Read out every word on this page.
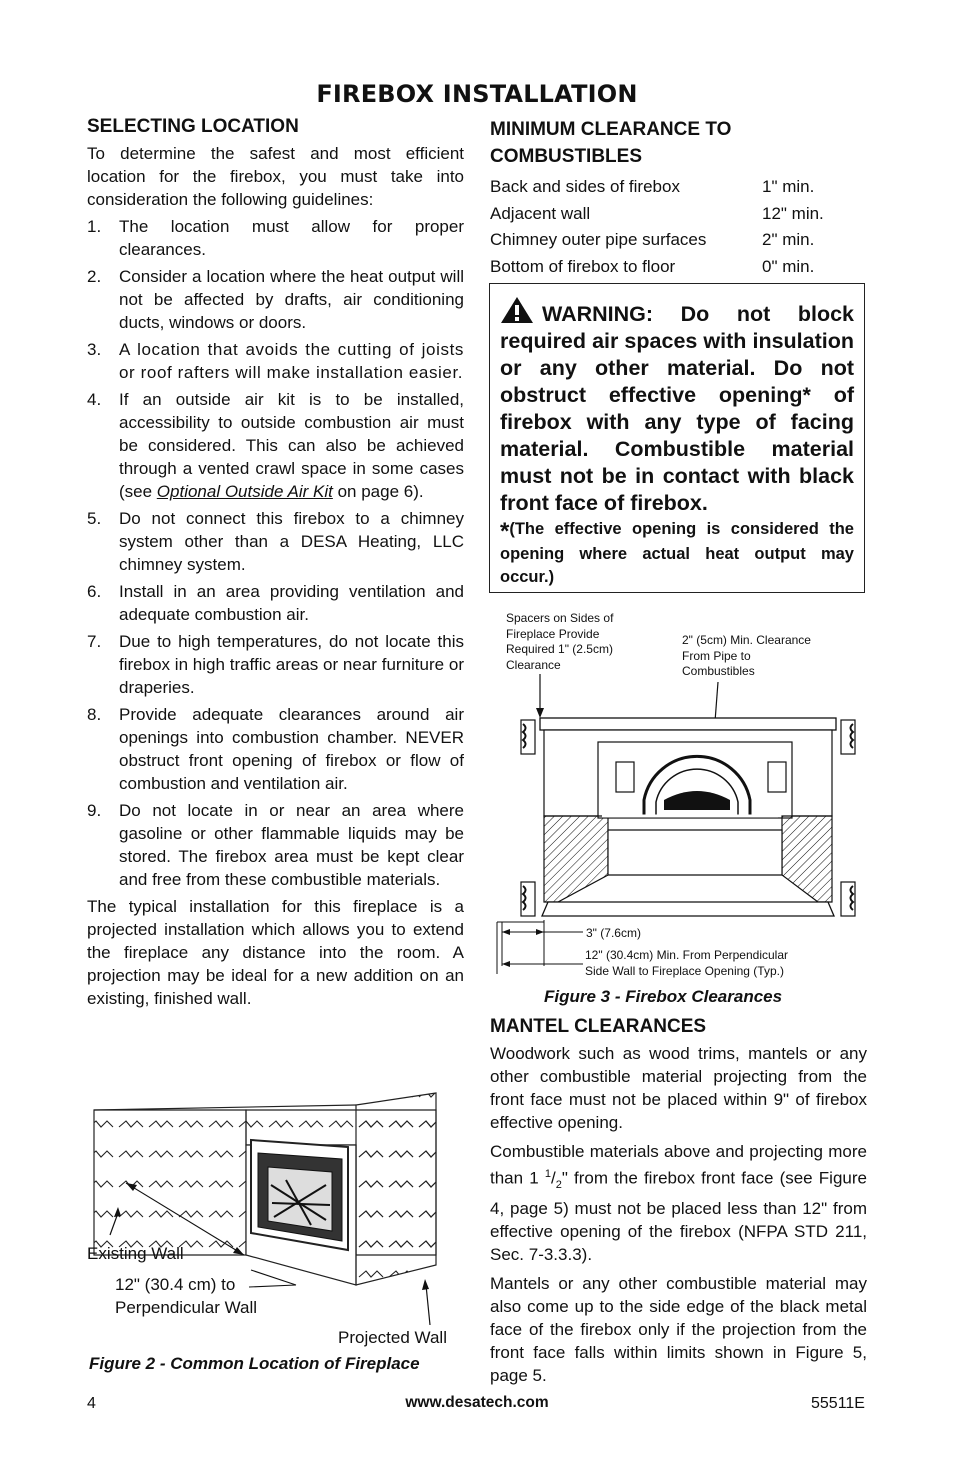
FIREBOX INSTALLATION
SELECTING LOCATION
To determine the safest and most efficient location for the firebox, you must take into consideration the following guidelines:
1. The location must allow for proper clearances.
2. Consider a location where the heat output will not be affected by drafts, air conditioning ducts, windows or doors.
3. A location that avoids the cutting of joists or roof rafters will make installation easier.
4. If an outside air kit is to be installed, accessibility to outside combustion air must be considered. This can also be achieved through a vented crawl space in some cases (see Optional Outside Air Kit on page 6).
5. Do not connect this firebox to a chimney system other than a DESA Heating, LLC chimney system.
6. Install in an area providing ventilation and adequate combustion air.
7. Due to high temperatures, do not locate this firebox in high traffic areas or near furniture or draperies.
8. Provide adequate clearances around air openings into combustion chamber. NEVER obstruct front opening of firebox or flow of combustion and ventilation air.
9. Do not locate in or near an area where gasoline or other flammable liquids may be stored. The firebox area must be kept clear and free from these combustible materials.
The typical installation for this fireplace is a projected installation which allows you to extend the fireplace any distance into the room. A projection may be ideal for a new addition on an existing, finished wall.
Existing Wall
12" (30.4 cm) to
Perpendicular Wall
Projected Wall
Figure 2 - Common Location of Fireplace
MINIMUM CLEARANCE TO
COMBUSTIBLES
Back and sides of firebox	1" min.
Adjacent wall	12" min.
Chimney outer pipe surfaces	2" min.
Bottom of firebox to floor	0" min.
WARNING: Do not block required air spaces with insulation or any other material. Do not obstruct effective opening* of firebox with any type of facing material. Combustible material must not be in contact with black front face of firebox.
*(The effective opening is considered the opening where actual heat output may occur.)
Spacers on Sides of
Fireplace Provide
Required 1" (2.5cm)
Clearance
2" (5cm) Min. Clearance
From Pipe to
Combustibles
3" (7.6cm)
12" (30.4cm) Min. From Perpendicular
Side Wall to Fireplace Opening (Typ.)
Figure 3 - Firebox Clearances
MANTEL CLEARANCES
Woodwork such as wood trims, mantels or any other combustible material projecting from the front face must not be placed within 9" of firebox effective opening.
Combustible materials above and projecting more than 1 $^1/_2$" from the firebox front face (see Figure 4, page 5) must not be placed less than 12" from effective opening of the firebox (NFPA STD 211, Sec. 7-3.3.3).
Mantels or any other combustible material may also come up to the side edge of the black metal face of the firebox only if the projection from the front face falls within limits shown in Figure 5, page 5.
4	www.desatech.com	55511E
